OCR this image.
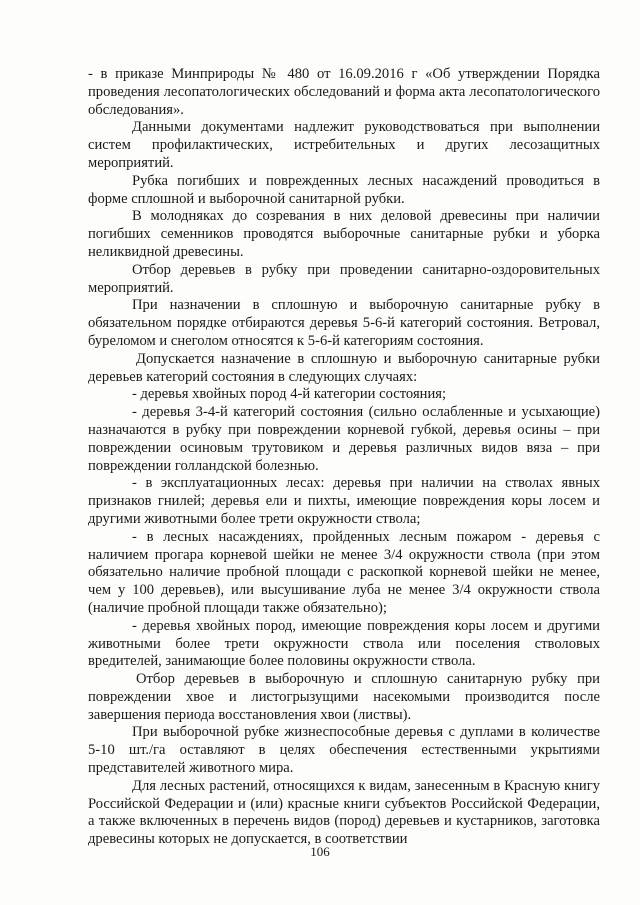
- в приказе Минприроды № 480 от 16.09.2016 г «Об утверждении Порядка проведения лесопатологических обследований и форма акта лесопатологического обследования».

Данными документами надлежит руководствоваться при выполнении систем профилактических, истребительных и других лесозащитных мероприятий.

Рубка погибших и поврежденных лесных насаждений проводиться в форме сплошной и выборочной санитарной рубки.

В молодняках до созревания в них деловой древесины при наличии погибших семенников проводятся выборочные санитарные рубки и уборка неликвидной древесины.

Отбор деревьев в рубку при проведении санитарно-оздоровительных мероприятий.

При назначении в сплошную и выборочную санитарные рубку в обязательном порядке отбираются деревья 5-6-й категорий состояния. Ветровал, буреломом и снеголом относятся к 5-6-й категориям состояния.

Допускается назначение в сплошную и выборочную санитарные рубки деревьев категорий состояния в следующих случаях:

- деревья хвойных пород 4-й категории состояния;

- деревья 3-4-й категорий состояния (сильно ослабленные и усыхающие) назначаются в рубку при повреждении корневой губкой, деревья осины – при повреждении осиновым трутовиком и деревья различных видов вяза – при повреждении голландской болезнью.

- в эксплуатационных лесах: деревья при наличии на стволах явных признаков гнилей; деревья ели и пихты, имеющие повреждения коры лосем и другими животными более трети окружности ствола;

- в лесных насаждениях, пройденных лесным пожаром - деревья с наличием прогара корневой шейки не менее 3/4 окружности ствола (при этом обязательно наличие пробной площади с раскопкой корневой шейки не менее, чем у 100 деревьев), или высушивание луба не менее 3/4 окружности ствола (наличие пробной площади также обязательно);

- деревья хвойных пород, имеющие повреждения коры лосем и другими животными более трети окружности ствола или поселения стволовых вредителей, занимающие более половины окружности ствола.

Отбор деревьев в выборочную и сплошную санитарную рубку при повреждении хвое и листогрызущими насекомыми производится после завершения периода восстановления хвои (листвы).

При выборочной рубке жизнеспособные деревья с дуплами в количестве 5-10 шт./га оставляют в целях обеспечения естественными укрытиями представителей животного мира.

Для лесных растений, относящихся к видам, занесенным в Красную книгу Российской Федерации и (или) красные книги субъектов Российской Федерации, а также включенных в перечень видов (пород) деревьев и кустарников, заготовка древесины которых не допускается, в соответствии

106
